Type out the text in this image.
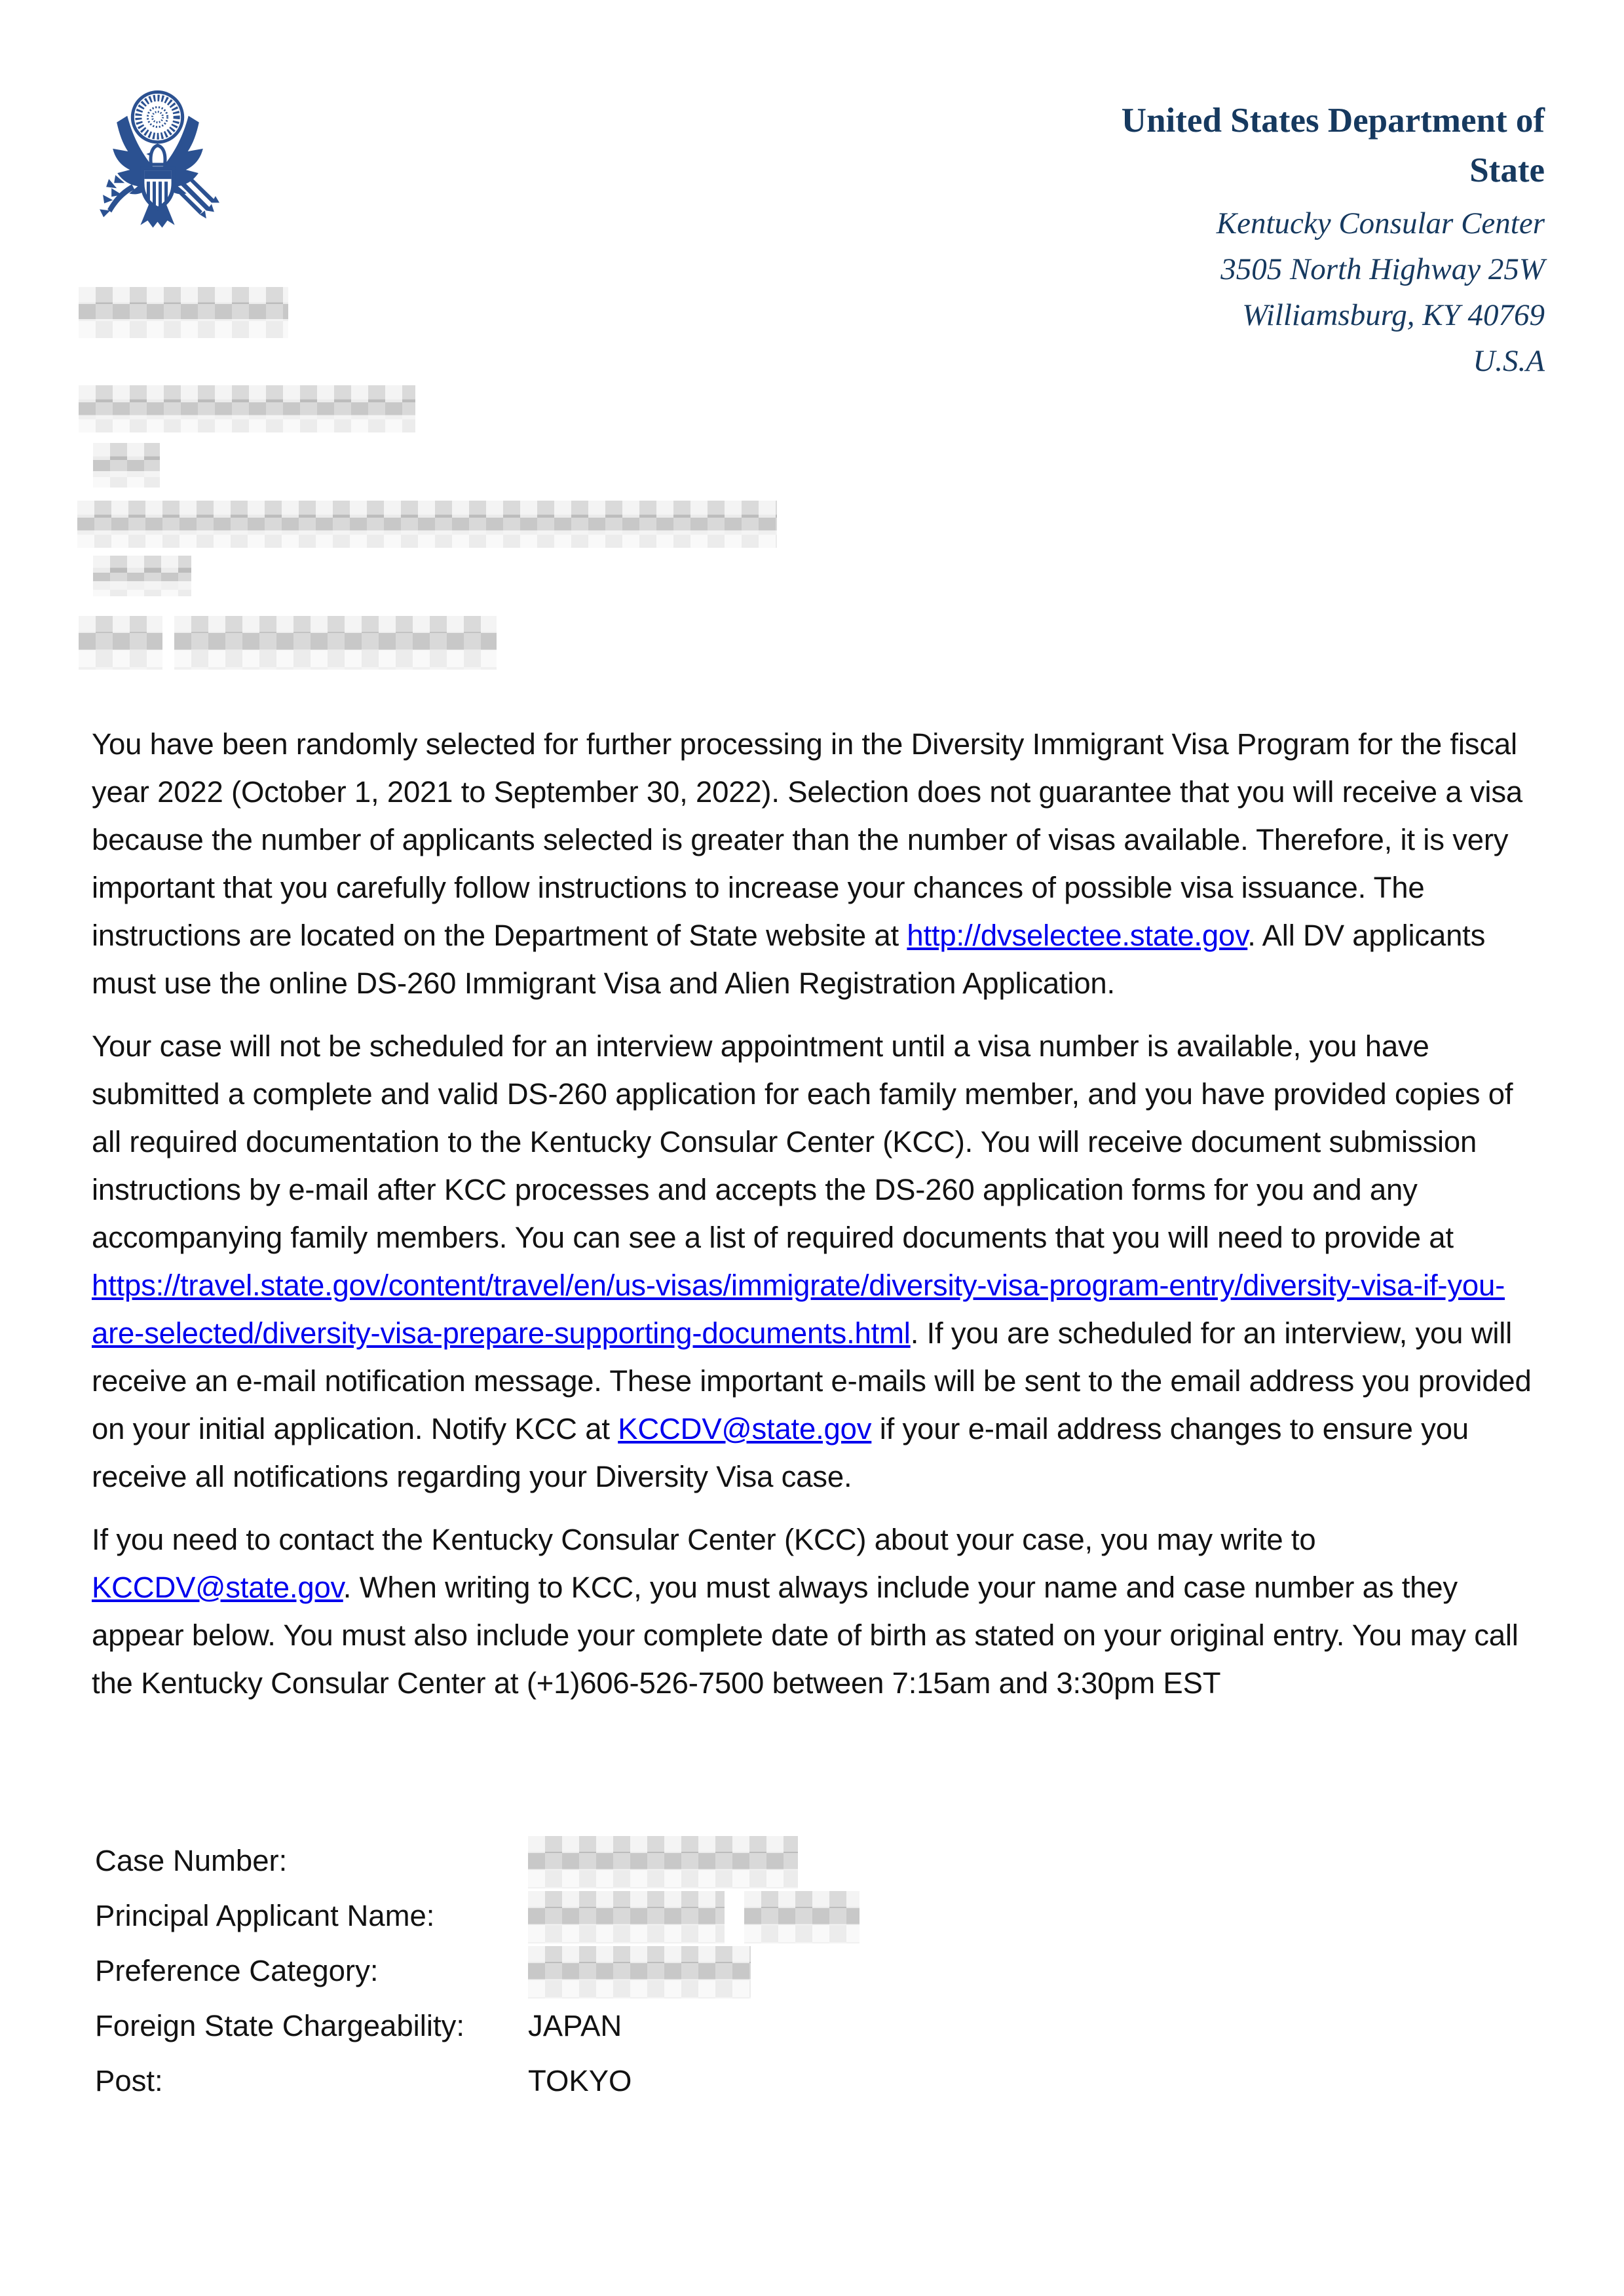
United States Department of
State
Kentucky Consular Center
3505 North Highway 25W
Williamsburg, KY 40769
U.S.A

You have been randomly selected for further processing in the Diversity Immigrant Visa Program for the fiscal year 2022 (October 1, 2021 to September 30, 2022). Selection does not guarantee that you will receive a visa because the number of applicants selected is greater than the number of visas available. Therefore, it is very important that you carefully follow instructions to increase your chances of possible visa issuance. The instructions are located on the Department of State website at http://dvselectee.state.gov. All DV applicants must use the online DS-260 Immigrant Visa and Alien Registration Application.

Your case will not be scheduled for an interview appointment until a visa number is available, you have submitted a complete and valid DS-260 application for each family member, and you have provided copies of all required documentation to the Kentucky Consular Center (KCC). You will receive document submission instructions by e-mail after KCC processes and accepts the DS-260 application forms for you and any accompanying family members. You can see a list of required documents that you will need to provide at https://travel.state.gov/content/travel/en/us-visas/immigrate/diversity-visa-program-entry/diversity-visa-if-you-are-selected/diversity-visa-prepare-supporting-documents.html. If you are scheduled for an interview, you will receive an e-mail notification message. These important e-mails will be sent to the email address you provided on your initial application. Notify KCC at KCCDV@state.gov if your e-mail address changes to ensure you receive all notifications regarding your Diversity Visa case.

If you need to contact the Kentucky Consular Center (KCC) about your case, you may write to KCCDV@state.gov. When writing to KCC, you must always include your name and case number as they appear below. You must also include your complete date of birth as stated on your original entry. You may call the Kentucky Consular Center at (+1)606-526-7500 between 7:15am and 3:30pm EST

Case Number:
Principal Applicant Name:
Preference Category:
Foreign State Chargeability:	JAPAN
Post:	TOKYO
